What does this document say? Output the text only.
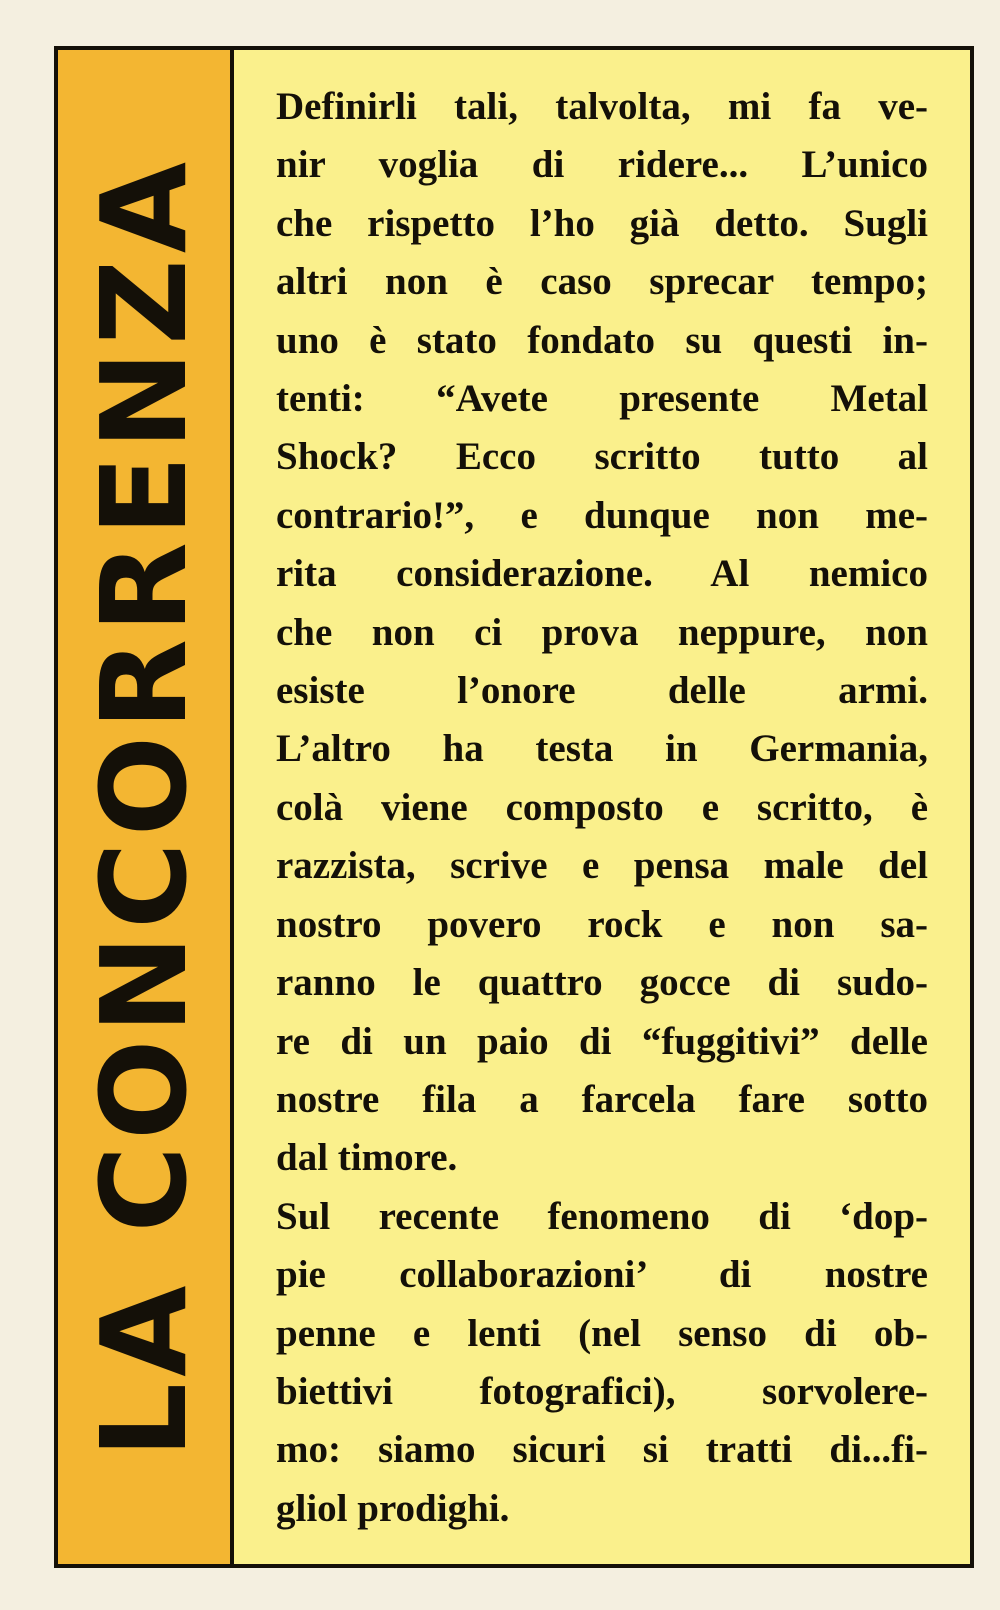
LA CONCORRENZA
Definirli tali, talvolta, mi fa ve-
nir voglia di ridere... L’unico
che rispetto l’ho già detto. Sugli
altri non è caso sprecar tempo;
uno è stato fondato su questi in-
tenti: “Avete presente Metal
Shock? Ecco scritto tutto al
contrario!”, e dunque non me-
rita considerazione. Al nemico
che non ci prova neppure, non
esiste l’onore delle armi.
L’altro ha testa in Germania,
colà viene composto e scritto, è
razzista, scrive e pensa male del
nostro povero rock e non sa-
ranno le quattro gocce di sudo-
re di un paio di “fuggitivi” delle
nostre fila a farcela fare sotto
dal timore.
Sul recente fenomeno di ‘dop-
pie collaborazioni’ di nostre
penne e lenti (nel senso di ob-
biettivi fotografici), sorvolere-
mo: siamo sicuri si tratti di...fi-
gliol prodighi.
